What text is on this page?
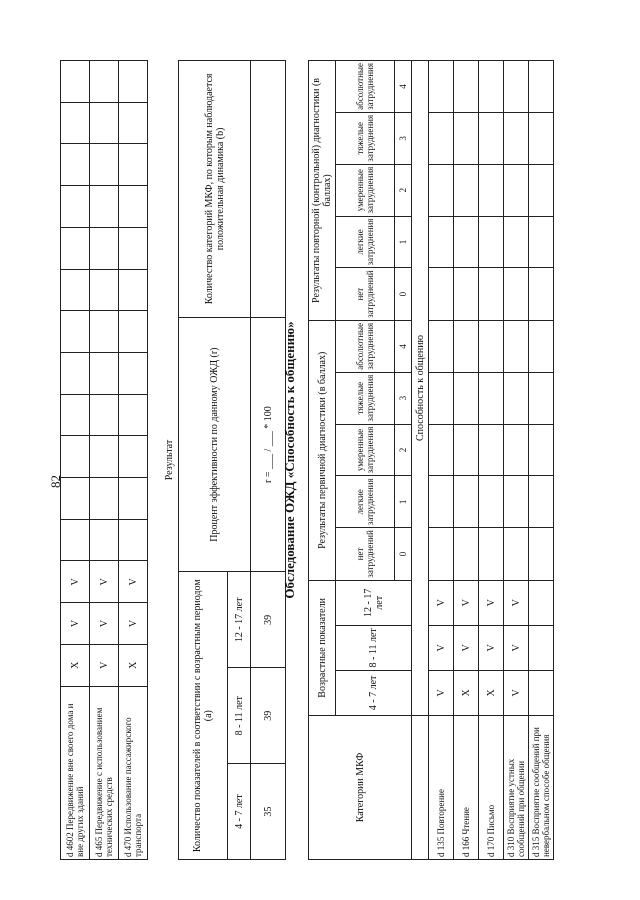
82
d 4602 Передвижение вне своего дома и вне других зданий	X	V	V												
d 465 Передвижение с использованием технических средств	V	V	V												
d 470 Использование пассажирского транспорта	X	V	V												
Результат				
Количество показателей в соответствии с возрастным периодом (a)			Процент эффективности по данному ОЖД (r)	Количество категорий МКФ, по которым наблюдается положительная динамика (b)
4 - 7 лет	8 - 11 лет	12 - 17 лет		
35	39	39	r = ___ / ___ * 100	Обследование ОЖД «Способность к общению»
Категории МКФ	Возрастные показатели			Результаты первичной диагностики (в баллах)					Результаты повторной (контрольной) диагностики (в баллах)				
	4 - 7 лет	8 - 11 лет	12 - 17 лет	нет затруднений	легкие затруднения	умеренные затруднения	тяжелые затруднения	абсолютные затруднения	нет затруднений	легкие затруднения	умеренные затруднения	тяжелые затруднения	абсолютные затруднения
				0	1	2	3	4	0	1	2	3	4
	Способность к общению												
d 135 Повторение	V	V	V										
d 166 Чтение	X	V	V										
d 170 Письмо	X	V	V										
d 310 Восприятие устных сообщений при общении	V	V	V										
d 315 Восприятие сообщений при невербальном способе общения													
